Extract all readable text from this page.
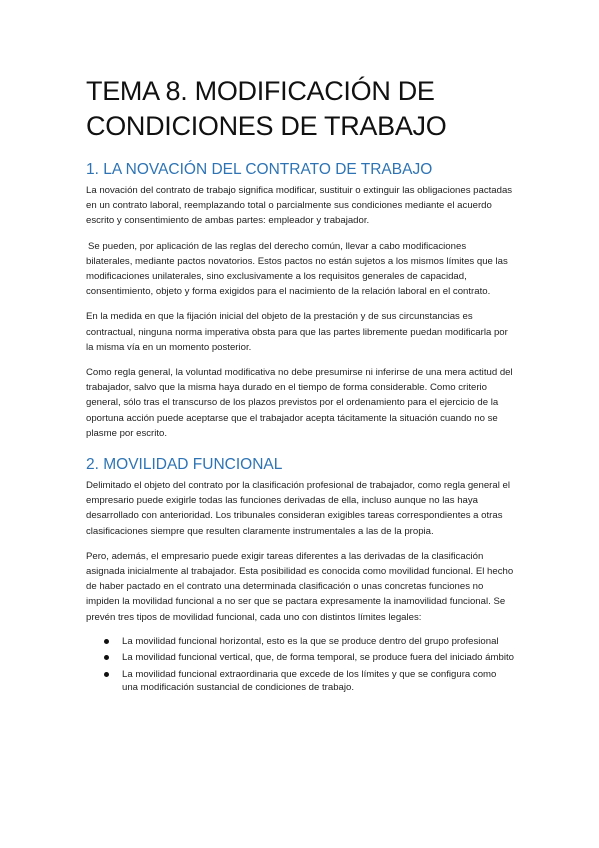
TEMA 8. MODIFICACIÓN DE CONDICIONES DE TRABAJO
1. LA NOVACIÓN DEL CONTRATO DE TRABAJO

La novación del contrato de trabajo significa modificar, sustituir o extinguir las obligaciones pactadas en un contrato laboral, reemplazando total o parcialmente sus condiciones mediante el acuerdo escrito y consentimiento de ambas partes: empleador y trabajador.

Se pueden, por aplicación de las reglas del derecho común, llevar a cabo modificaciones bilaterales, mediante pactos novatorios. Estos pactos no están sujetos a los mismos límites que las modificaciones unilaterales, sino exclusivamente a los requisitos generales de capacidad, consentimiento, objeto y forma exigidos para el nacimiento de la relación laboral en el contrato.

En la medida en que la fijación inicial del objeto de la prestación y de sus circunstancias es contractual, ninguna norma imperativa obsta para que las partes libremente puedan modificarla por la misma vía en un momento posterior.

Como regla general, la voluntad modificativa no debe presumirse ni inferirse de una mera actitud del trabajador, salvo que la misma haya durado en el tiempo de forma considerable. Como criterio general, sólo tras el transcurso de los plazos previstos por el ordenamiento para el ejercicio de la oportuna acción puede aceptarse que el trabajador acepta tácitamente la situación cuando no se plasme por escrito.

2. MOVILIDAD FUNCIONAL

Delimitado el objeto del contrato por la clasificación profesional de trabajador, como regla general el empresario puede exigirle todas las funciones derivadas de ella, incluso aunque no las haya desarrollado con anterioridad. Los tribunales consideran exigibles tareas correspondientes a otras clasificaciones siempre que resulten claramente instrumentales a las de la propia.

Pero, además, el empresario puede exigir tareas diferentes a las derivadas de la clasificación asignada inicialmente al trabajador. Esta posibilidad es conocida como movilidad funcional. El hecho de haber pactado en el contrato una determinada clasificación o unas concretas funciones no impiden la movilidad funcional a no ser que se pactara expresamente la inamovilidad funcional. Se prevén tres tipos de movilidad funcional, cada uno con distintos límites legales:

La movilidad funcional horizontal, esto es la que se produce dentro del grupo profesional
La movilidad funcional vertical, que, de forma temporal, se produce fuera del iniciado ámbito
La movilidad funcional extraordinaria que excede de los límites y que se configura como una modificación sustancial de condiciones de trabajo.
